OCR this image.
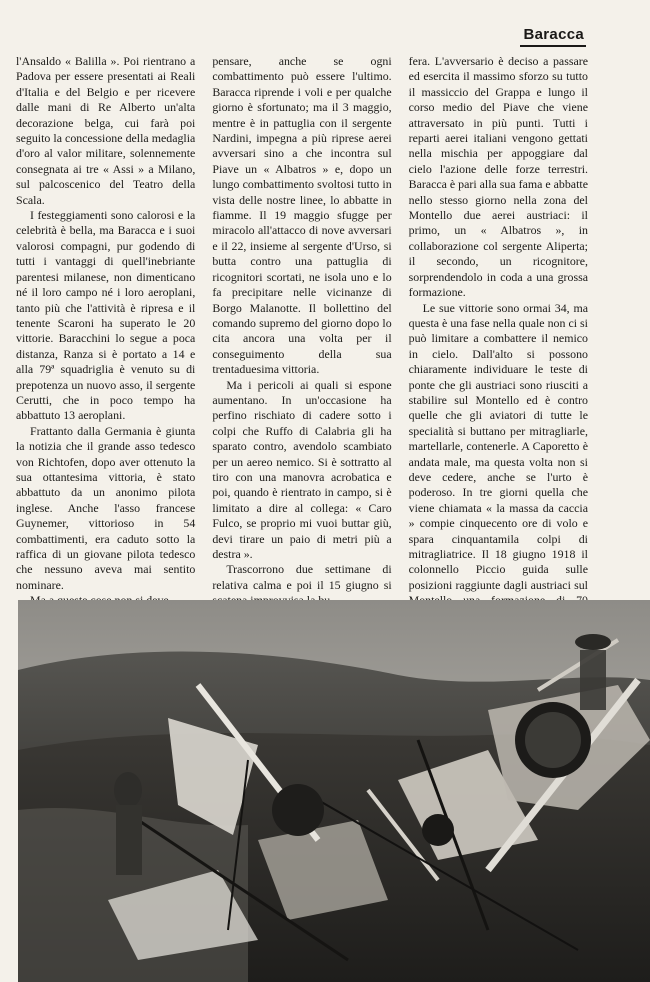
Baracca

l'Ansaldo « Balilla ». Poi rientrano a Padova per essere presentati ai Reali d'Italia e del Belgio e per ricevere dalle mani di Re Alberto un'alta decorazione belga, cui farà poi seguito la concessione della medaglia d'oro al valor militare, solennemente consegnata ai tre « Assi » a Milano, sul palcoscenico del Teatro della Scala.

I festeggiamenti sono calorosi e la celebrità è bella, ma Baracca e i suoi valorosi compagni, pur godendo di tutti i vantaggi di quell'inebriante parentesi milanese, non dimenticano né il loro campo né i loro aeroplani, tanto più che l'attività è ripresa e il tenente Scaroni ha superato le 20 vittorie. Baracchini lo segue a poca distanza, Ranza si è portato a 14 e alla 79ª squadriglia è venuto su di prepotenza un nuovo asso, il sergente Cerutti, che in poco tempo ha abbattuto 13 aeroplani.

Frattanto dalla Germania è giunta la notizia che il grande asso tedesco von Richtofen, dopo aver ottenuto la sua ottantesima vittoria, è stato abbattuto da un anonimo pilota inglese. Anche l'asso francese Guynemer, vittorioso in 54 combattimenti, era caduto sotto la raffica di un giovane pilota tedesco che nessuno aveva mai sentito nominare.

pensare, anche se ogni combattimento può essere l'ultimo. Baracca riprende i voli e per qualche giorno è sfortunato; ma il 3 maggio, mentre è in pattuglia con il sergente Nardini, impegna a più riprese aerei avversari sino a che incontra sul Piave un « Albatros » e, dopo un lungo combattimento svoltosi tutto in vista delle nostre linee, lo abbatte in fiamme. Il 19 maggio sfugge per miracolo all'attacco di nove avversari e il 22, insieme al sergente d'Urso, si butta contro una pattuglia di ricognitori scortati, ne isola uno e lo fa precipitare nelle vicinanze di Borgo Malanotte. Il bollettino del comando supremo del giorno dopo lo cita ancora una volta per il conseguimento della sua trentaduesima vittoria.

Ma i pericoli ai quali si espone aumentano. In un'occasione ha perfino rischiato di cadere sotto i colpi che Ruffo di Calabria gli ha sparato contro, avendolo scambiato per un aereo nemico. Si è sottratto al tiro con una manovra acrobatica e poi, quando è rientrato in campo, si è limitato a dire al collega: « Caro Fulco, se proprio mi vuoi buttar giù, devi tirare un paio di metri più a destra ».

Trascorrono due settimane di relativa calma e poi il 15 giugno si

fera. L'avversario è deciso a passare ed esercita il massimo sforzo su tutto il massiccio del Grappa e lungo il corso medio del Piave che viene attraversato in più punti. Tutti i reparti aerei italiani vengono gettati nella mischia per appoggiare dal cielo l'azione delle forze terrestri. Baracca è pari alla sua fama e abbatte nello stesso giorno nella zona del Montello due aerei austriaci: il primo, un « Albatros », in collaborazione col sergente Aliperta; il secondo, un ricognitore, sorprendendolo in coda a una grossa formazione.

Le sue vittorie sono ormai 34, ma questa è una fase nella quale non ci si può limitare a combattere il nemico in cielo. Dall'alto si possono chiaramente individuare le teste di ponte che gli austriaci sono riusciti a stabilire sul Montello ed è contro quelle che gli aviatori di tutte le specialità si buttano per mitragliarle, martellarle, contenerle. A Caporetto è andata male, ma questa volta non si deve cedere, anche se l'urto è poderoso. In tre giorni quella che viene chiamata « la massa da caccia » compie cinquecento ore di volo e spara cinquantamila colpi di mitragliatrice. Il 18 giugno 1918 il colonnello Piccio guida sulle posizioni raggiunte dagli austriaci sul
